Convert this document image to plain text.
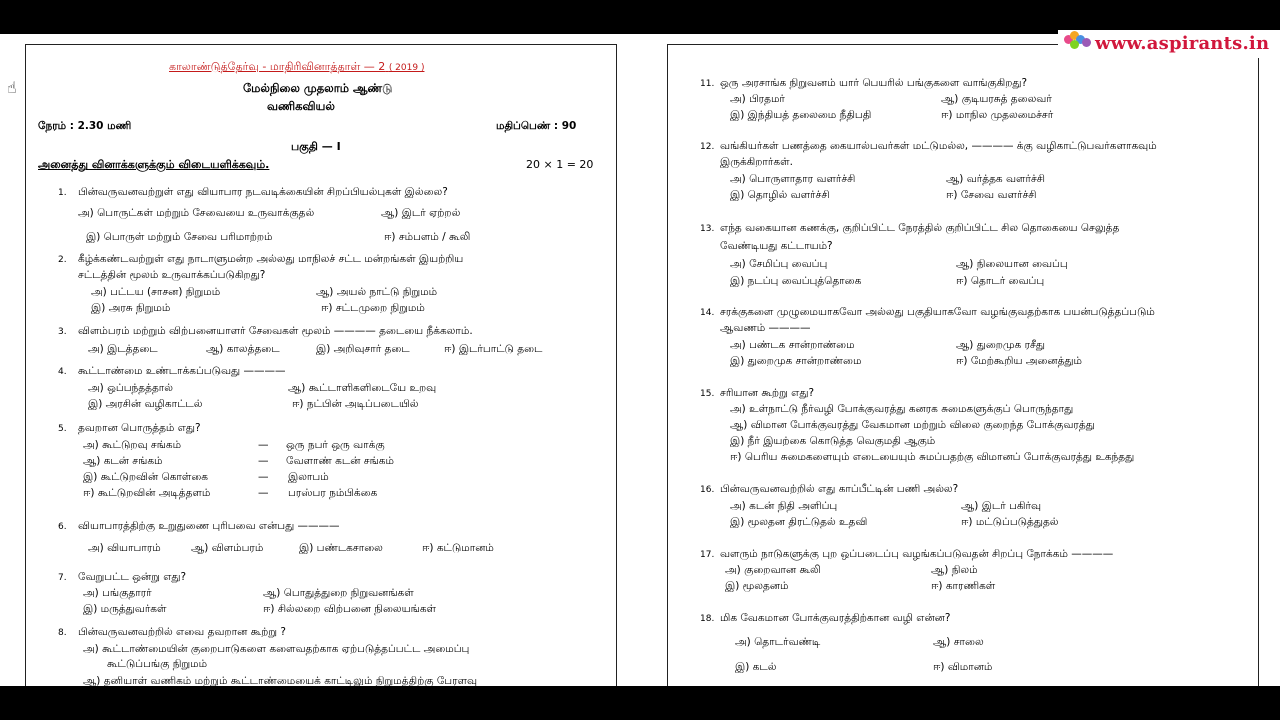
☝
காலாண்டுத்தேர்வு - மாதிரிவினாத்தாள் — 2 ( 2019 )
மேல்நிலை முதலாம் ஆண்டு
வணிகவியல்
நேரம் : 2.30 மணி	மதிப்பெண் : 90
பகுதி — I
அனைத்து வினாக்களுக்கும் விடையளிக்கவும்.	20 × 1 = 20
1. பின்வருவனவற்றுள் எது வியாபார நடவடிக்கையின் சிறப்பியல்புகள் இல்லை?
அ) பொருட்கள் மற்றும் சேவையை உருவாக்குதல்	ஆ) இடர் ஏற்றல்
இ) பொருள் மற்றும் சேவை பரிமாற்றம்	ஈ) சம்பளம் / கூலி
2. கீழ்க்கண்டவற்றுள் எது நாடாளுமன்ற அல்லது மாநிலச் சட்ட மன்றங்கள் இயற்றிய
சட்டத்தின் மூலம் உருவாக்கப்படுகிறது?
அ) பட்டய (சாசன) நிறுமம்	ஆ) அயல் நாட்டு நிறுமம்
இ) அரசு நிறுமம்	ஈ) சட்டமுறை நிறுமம்
3. விளம்பரம் மற்றும் விற்பனையாளர் சேவைகள் மூலம் ———— தடையை நீக்கலாம்.
அ) இடத்தடை	ஆ) காலத்தடை	இ) அறிவுசார் தடை	ஈ) இடர்பாட்டு தடை
4. கூட்டாண்மை உண்டாக்கப்படுவது ————
அ) ஒப்பந்தத்தால்	ஆ) கூட்டாளிகளிடையே உறவு
இ) அரசின் வழிகாட்டல்	ஈ) நட்பின் அடிப்படையில்
5. தவறான பொருத்தம் எது?
அ) கூட்டுறவு சங்கம்	— ஒரு நபர் ஒரு வாக்கு
ஆ) கடன் சங்கம்	— வேளாண் கடன் சங்கம்
இ) கூட்டுறவின் கொள்கை	— இலாபம்
ஈ) கூட்டுறவின் அடித்தளம்	— பரஸ்பர நம்பிக்கை
6. வியாபாரத்திற்கு உறுதுணை புரிபவை என்பது ————
அ) வியாபாரம்	ஆ) விளம்பரம்	இ) பண்டகசாலை	ஈ) கட்டுமானம்
7. வேறுபட்ட ஒன்று எது?
அ) பங்குதாரர்	ஆ) பொதுத்துறை நிறுவனங்கள்
இ) மருத்துவர்கள்	ஈ) சில்லறை விற்பனை நிலையங்கள்
8. பின்வருவனவற்றில் எவை தவறான கூற்று ?
அ) கூட்டாண்மையின் குறைபாடுகளை களைவதற்காக ஏற்படுத்தப்பட்ட அமைப்பு
கூட்டுப்பங்கு நிறுமம்
ஆ) தனியாள் வணிகம் மற்றும் கூட்டாண்மையைக் காட்டிலும் நிறுமத்திற்கு பேரளவு
11. ஒரு அரசாங்க நிறுவனம் யார் பெயரில் பங்குகளை வாங்குகிறது?
அ) பிரதமர்	ஆ) குடியரசுத் தலைவர்
இ) இந்தியத் தலைமை நீதிபதி	ஈ) மாநில முதலமைச்சர்
12. வங்கியர்கள் பணத்தை கையால்பவர்கள் மட்டுமல்ல, ———— க்கு வழிகாட்டுபவர்களாகவும்
இருக்கிறார்கள்.
அ) பொருளாதார வளர்ச்சி	ஆ) வர்த்தக வளர்ச்சி
இ) தொழில் வளர்ச்சி	ஈ) சேவை வளர்ச்சி
13. எந்த வகையான கணக்கு, குறிப்பிட்ட நேரத்தில் குறிப்பிட்ட சில தொகையை செலுத்த
வேண்டியது கட்டாயம்?
அ) சேமிப்பு வைப்பு	ஆ) நிலையான வைப்பு
இ) நடப்பு வைப்புத்தொகை	ஈ) தொடர் வைப்பு
14. சரக்குகளை முழுமையாகவோ அல்லது பகுதியாகவோ வழங்குவதற்காக பயன்படுத்தப்படும்
ஆவணம் ————
அ) பண்டக சான்றாண்மை	ஆ) துறைமுக ரசீது
இ) துறைமுக சான்றாண்மை	ஈ) மேற்கூறிய அனைத்தும்
15. சரியான கூற்று எது?
அ) உள்நாட்டு நீர்வழி போக்குவரத்து கனரக சுமைகளுக்குப் பொருந்தாது
ஆ) விமான போக்குவரத்து வேகமான மற்றும் விலை குறைந்த போக்குவரத்து
இ) நீர் இயற்கை கொடுத்த வெகுமதி ஆகும்
ஈ) பெரிய சுமைகளையும் எடையையும் சுமப்பதற்கு விமானப் போக்குவரத்து உகந்தது
16. பின்வருவனவற்றில் எது காப்பீட்டின் பணி அல்ல?
அ) கடன் நிதி அளிப்பு	ஆ) இடர் பகிர்வு
இ) மூலதன திரட்டுதல் உதவி	ஈ) மட்டுப்படுத்துதல்
17. வளரும் நாடுகளுக்கு புற ஒப்படைப்பு வழங்கப்படுவதன் சிறப்பு நோக்கம் ————
அ) குறைவான கூலி	ஆ) நிலம்
இ) மூலதனம்	ஈ) காரணிகள்
18. மிக வேகமான போக்குவரத்திற்கான வழி என்ன?
அ) தொடர்வண்டி	ஆ) சாலை
இ) கடல்	ஈ) விமானம்
www.aspirants.in
